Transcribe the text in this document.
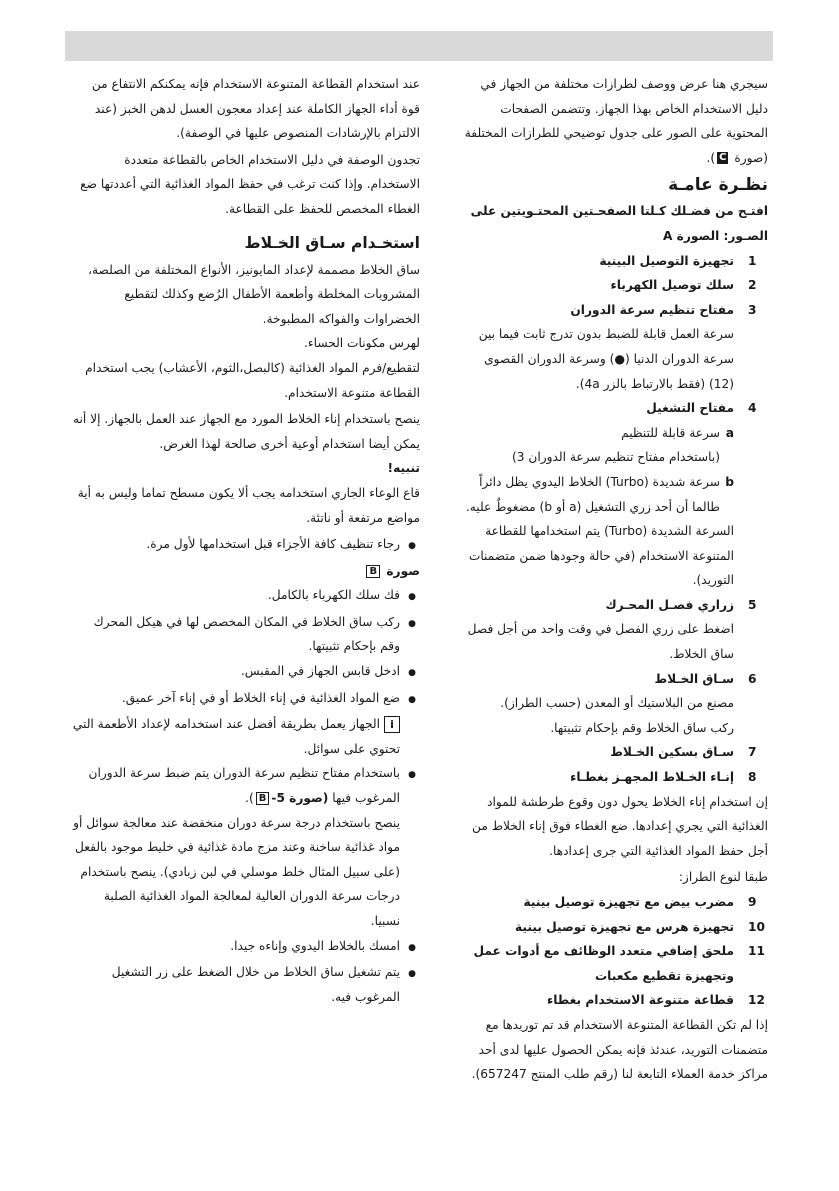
سيجري هنا عرض ووصف لطرازات مختلفة من الجهاز في دليل الاستخدام الخاص بهذا الجهاز. وتتضمن الصفحات المحتوية على الصور على جدول توضيحي للطرازات المختلفة (صورة C).

نظـرة عامـة

افتـح من فضـلك كـلتا الصفحـتين المحتـويتين على الصـور: الصورة A

1
تجهيزة التوصيل البينية
2
سلك توصيل الكهرباء
3
مفتاح تنظيم سرعة الدوران

سرعة العمل قابلة للضبط بدون تدرج ثابت فيما بين سرعة الدوران الدنيا (●) وسرعة الدوران القصوى (12) (فقط بالارتباط بالزر 4a).

4
مفتاح التشغيل
a
سرعة قابلة للتنظيم

(باستخدام مفتاح تنظيم سرعة الدوران 3)

b
سرعة شديدة (Turbo) الخلاط اليدوي يظل دائراً طالما أن أحد زري التشغيل (a أو b) مضغوطٌ عليه.

السرعة الشديدة (Turbo) يتم استخدامها للقطاعة المتنوعة الاستخدام (في حالة وجودها ضمن متضمنات التوريد).

5
زراري فصـل المحـرك

اضغط على زري الفصل في وقت واحد من أجل فصل ساق الخلاط.

6
سـاق الخـلاط

مصنع من البلاستيك أو المعدن (حسب الطراز).

ركب ساق الخلاط وقم بإحكام تثبيتها.

7
سـاق بسكين الخـلاط
8
إنـاء الخـلاط المجهـز بغطـاء

إن استخدام إناء الخلاط يحول دون وقوع طرطشة للمواد الغذائية التي يجري إعدادها. ضع الغطاء فوق إناء الخلاط من أجل حفظ المواد الغذائية التي جرى إعدادها.

طبقا لنوع الطراز:

9
مضرب بيض مع تجهيزة توصيل بينية
10
تجهيزة هرس مع تجهيزة توصيل بينية
11
ملحق إضافي متعدد الوظائف مع أدوات عمل وتجهيزة تقطيع مكعبات
12
قطاعة متنوعة الاستخدام بغطاء

إذا لم تكن القطاعة المتنوعة الاستخدام قد تم توريدها مع متضمنات التوريد، عندئذ فإنه يمكن الحصول عليها لدى أحد مراكز خدمة العملاء التابعة لنا (رقم طلب المنتج 657247).

عند استخدام القطاعة المتنوعة الاستخدام فإنه يمكنكم الانتفاع من قوة أداء الجهاز الكاملة عند إعداد معجون العسل لدهن الخبز (عند الالتزام بالإرشادات المنصوص عليها في الوصفة).

تجدون الوصفة في دليل الاستخدام الخاص بالقطاعة متعددة الاستخدام. وإذا كنت ترغب في حفظ المواد الغذائية التي أعددتها ضع الغطاء المخصص للحفظ على القطاعة.

استخـدام سـاق الخـلاط

ساق الخلاط مصممة لإعداد المايونيز، الأنواع المختلفة من الصلصة، المشروبات المخلطة وأطعمة الأطفال الرُضع وكذلك لتقطيع الخضراوات والفواكه المطبوخة.

لهرس مكونات الحساء.

لتقطيع/فرم المواد الغذائية (كالبصل،الثوم، الأعشاب) يجب استخدام القطاعة متنوعة الاستخدام.

ينصح باستخدام إناء الخلاط المورد مع الجهاز عند العمل بالجهاز. إلا أنه يمكن أيضا استخدام أوعية أخرى صالحة لهذا الغرض.

تنبيه!

قاع الوعاء الجاري استخدامه يجب ألا يكون مسطح تماما وليس به أية مواضع مرتفعة أو ناتئة.

●
رجاء تنظيف كافة الأجزاء قبل استخدامها لأول مرة.

صورة B

●
فك سلك الكهرباء بالكامل.
●
ركب ساق الخلاط في المكان المخصص لها في هيكل المحرك وقم بإحكام تثبيتها.
●
ادخل قابس الجهاز في المقبس.
●
ضع المواد الغذائية في إناء الخلاط أو في إناء آخر عميق.

iالجهاز يعمل بطريقة أفضل عند استخدامه لإعداد الأطعمة التي تحتوي على سوائل.

●
باستخدام مفتاح تنظيم سرعة الدوران يتم ضبط سرعة الدوران المرغوب فيها (صورة 5-B).

ينصح باستخدام درجة سرعة دوران منخفضة عند معالجة سوائل أو مواد غذائية ساخنة وعند مزج مادة غذائية في خليط موجود بالفعل (على سبيل المثال خلط موسلي في لبن زبادي). ينصح باستخدام درجات سرعة الدوران العالية لمعالجة المواد الغذائية الصلبة نسبيا.

●
امسك بالخلاط اليدوي وإناءه جيدا.
●
يتم تشغيل ساق الخلاط من خلال الضغط على زر التشغيل المرغوب فيه.
